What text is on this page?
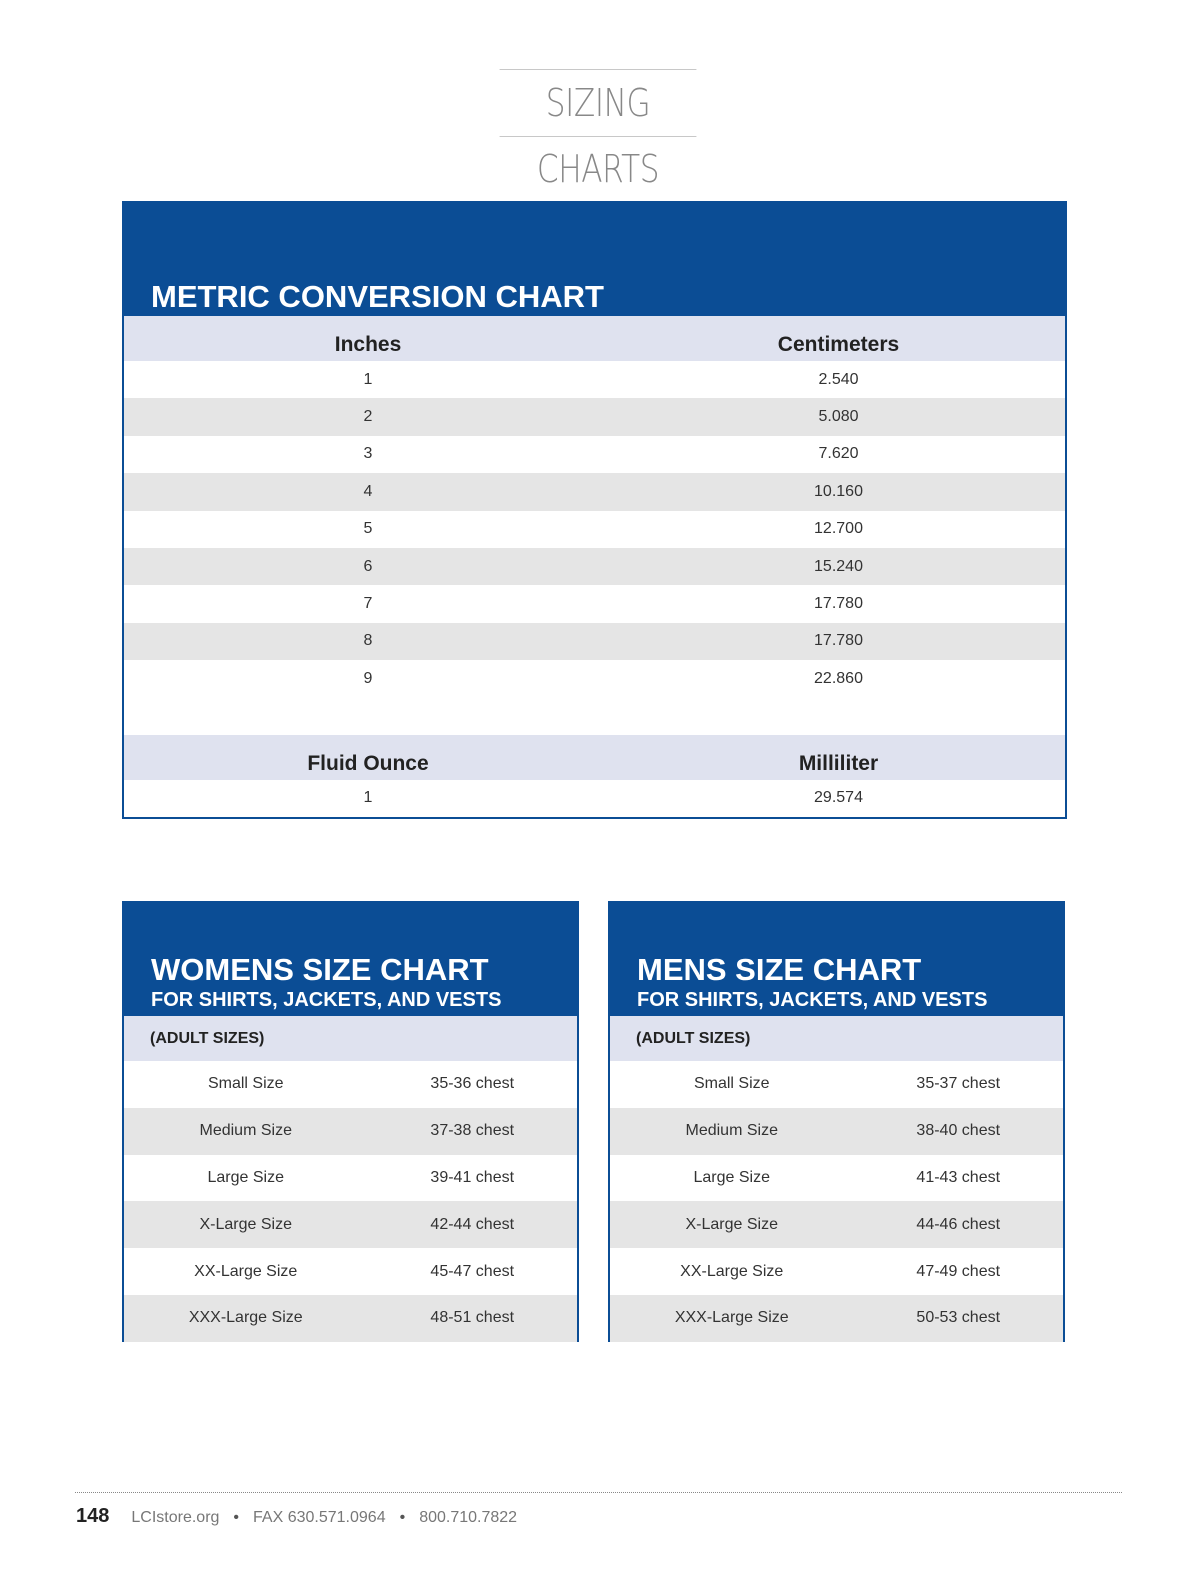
SIZING CHARTS
METRIC CONVERSION CHART
Inches	Centimeters
1	2.540
2	5.080
3	7.620
4	10.160
5	12.700
6	15.240
7	17.780
8	17.780
9	22.860
Fluid Ounce	Milliliter
1	29.574
WOMENS SIZE CHART
FOR SHIRTS, JACKETS, AND VESTS
(ADULT SIZES)
Small Size	35-36 chest
Medium Size	37-38 chest
Large Size	39-41 chest
X-Large Size	42-44 chest
XX-Large Size	45-47 chest
XXX-Large Size	48-51 chest
MENS SIZE CHART
FOR SHIRTS, JACKETS, AND VESTS
(ADULT SIZES)
Small Size	35-37 chest
Medium Size	38-40 chest
Large Size	41-43 chest
X-Large Size	44-46 chest
XX-Large Size	47-49 chest
XXX-Large Size	50-53 chest
148 LCIstore.org • FAX 630.571.0964 • 800.710.7822
